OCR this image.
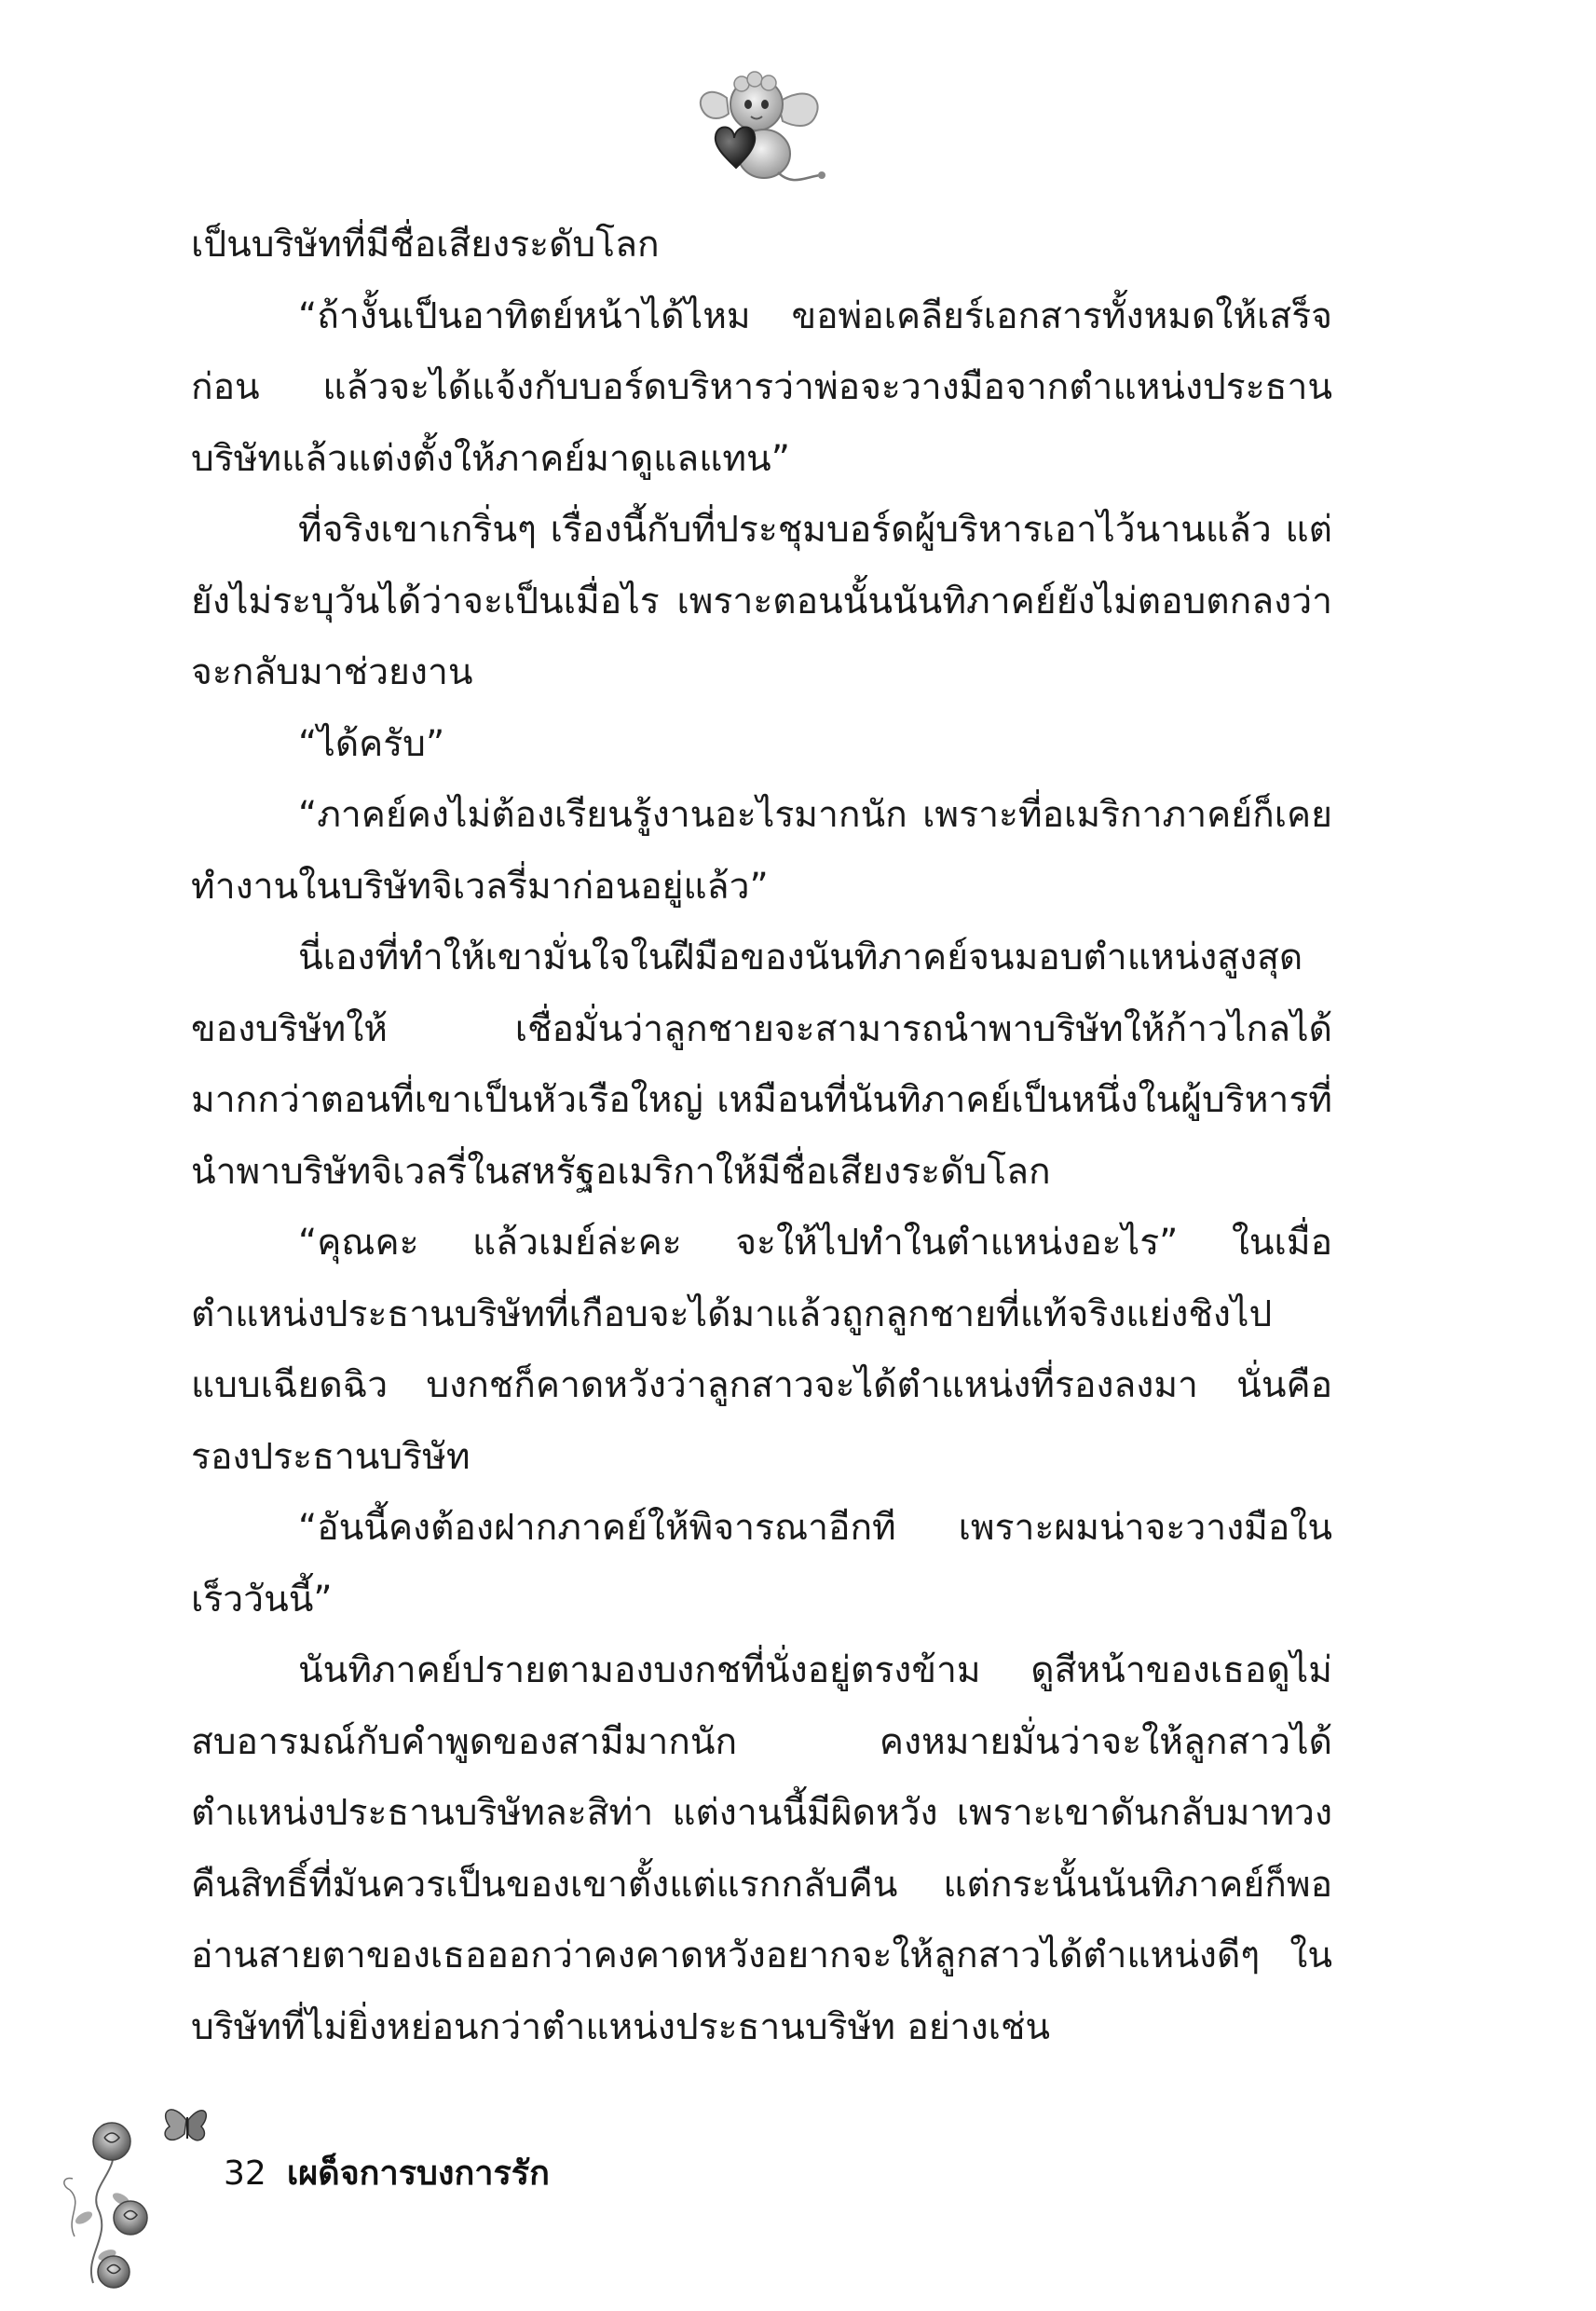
เป็นบริษัทที่มีชื่อเสียงระดับโลก

“ถ้างั้นเป็นอาทิตย์หน้าได้ไหม ขอพ่อเคลียร์เอกสารทั้งหมดให้เสร็จก่อน แล้วจะได้แจ้งกับบอร์ดบริหารว่าพ่อจะวางมือจากตำแหน่งประธานบริษัทแล้วแต่งตั้งให้ภาคย์มาดูแลแทน”

ที่จริงเขาเกริ่นๆ เรื่องนี้กับที่ประชุมบอร์ดผู้บริหารเอาไว้นานแล้ว แต่ยังไม่ระบุวันได้ว่าจะเป็นเมื่อไร เพราะตอนนั้นนันทิภาคย์ยังไม่ตอบตกลงว่าจะกลับมาช่วยงาน

“ได้ครับ”

“ภาคย์คงไม่ต้องเรียนรู้งานอะไรมากนัก เพราะที่อเมริกาภาคย์ก็เคยทำงานในบริษัทจิเวลรี่มาก่อนอยู่แล้ว”

นี่เองที่ทำให้เขามั่นใจในฝีมือของนันทิภาคย์จนมอบตำแหน่งสูงสุดของบริษัทให้ เชื่อมั่นว่าลูกชายจะสามารถนำพาบริษัทให้ก้าวไกลได้มากกว่าตอนที่เขาเป็นหัวเรือใหญ่ เหมือนที่นันทิภาคย์เป็นหนึ่งในผู้บริหารที่นำพาบริษัทจิเวลรี่ในสหรัฐอเมริกาให้มีชื่อเสียงระดับโลก

“คุณคะ แล้วเมย์ล่ะคะ จะให้ไปทำในตำแหน่งอะไร” ในเมื่อตำแหน่งประธานบริษัทที่เกือบจะได้มาแล้วถูกลูกชายที่แท้จริงแย่งชิงไปแบบเฉียดฉิว บงกชก็คาดหวังว่าลูกสาวจะได้ตำแหน่งที่รองลงมา นั่นคือรองประธานบริษัท

“อันนี้คงต้องฝากภาคย์ให้พิจารณาอีกที เพราะผมน่าจะวางมือในเร็ววันนี้”

นันทิภาคย์ปรายตามองบงกชที่นั่งอยู่ตรงข้าม ดูสีหน้าของเธอดูไม่สบอารมณ์กับคำพูดของสามีมากนัก คงหมายมั่นว่าจะให้ลูกสาวได้ตำแหน่งประธานบริษัทละสิท่า แต่งานนี้มีผิดหวัง เพราะเขาดันกลับมาทวงคืนสิทธิ์ที่มันควรเป็นของเขาตั้งแต่แรกกลับคืน แต่กระนั้นนันทิภาคย์ก็พออ่านสายตาของเธอออกว่าคงคาดหวังอยากจะให้ลูกสาวได้ตำแหน่งดีๆ ในบริษัทที่ไม่ยิ่งหย่อนกว่าตำแหน่งประธานบริษัท อย่างเช่น

32 เผด็จการบงการรัก
